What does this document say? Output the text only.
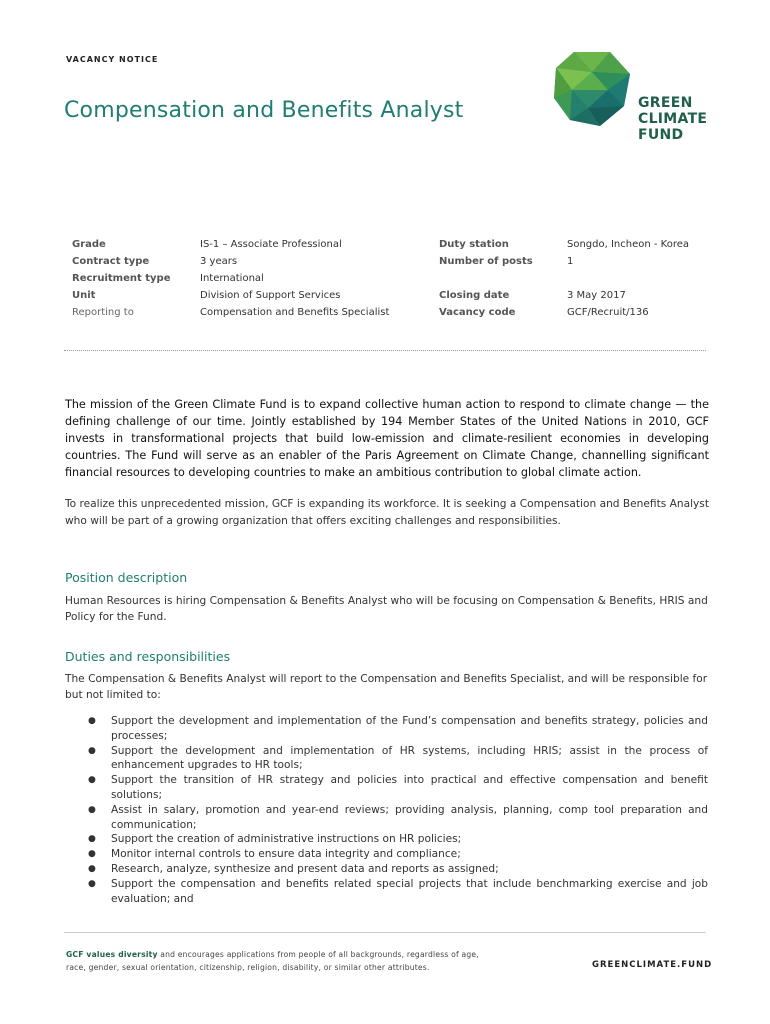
VACANCY NOTICE
Compensation and Benefits Analyst	GREEN
CLIMATE
FUND
Grade
Contract type
Recruitment type
Unit
Reporting to
IS-1 – Associate Professional
3 years
International
Division of Support Services
Compensation and Benefits Specialist
Duty station
Number of posts
Closing date
Vacancy code
Songdo, Incheon - Korea
1
3 May 2017
GCF/Recruit/136
The mission of the Green Climate Fund is to expand collective human action to respond to climate change — the defining challenge of our time. Jointly established by 194 Member States of the United Nations in 2010, GCF invests in transformational projects that build low-emission and climate-resilient economies in developing countries. The Fund will serve as an enabler of the Paris Agreement on Climate Change, channelling significant financial resources to developing countries to make an ambitious contribution to global climate action.
To realize this unprecedented mission, GCF is expanding its workforce. It is seeking a Compensation and Benefits Analyst who will be part of a growing organization that offers exciting challenges and responsibilities.
Position description
Human Resources is hiring Compensation & Benefits Analyst who will be focusing on Compensation & Benefits, HRIS and Policy for the Fund.
Duties and responsibilities
The Compensation & Benefits Analyst will report to the Compensation and Benefits Specialist, and will be responsible for but not limited to:
● Support the development and implementation of the Fund’s compensation and benefits strategy, policies and processes;
● Support the development and implementation of HR systems, including HRIS; assist in the process of enhancement upgrades to HR tools;
● Support the transition of HR strategy and policies into practical and effective compensation and benefit solutions;
● Assist in salary, promotion and year-end reviews; providing analysis, planning, comp tool preparation and communication;
● Support the creation of administrative instructions on HR policies;
● Monitor internal controls to ensure data integrity and compliance;
● Research, analyze, synthesize and present data and reports as assigned;
● Support the compensation and benefits related special projects that include benchmarking exercise and job evaluation; and
GCF values diversity and encourages applications from people of all backgrounds, regardless of age, race, gender, sexual orientation, citizenship, religion, disability, or similar other attributes.	GREENCLIMATE.FUND
